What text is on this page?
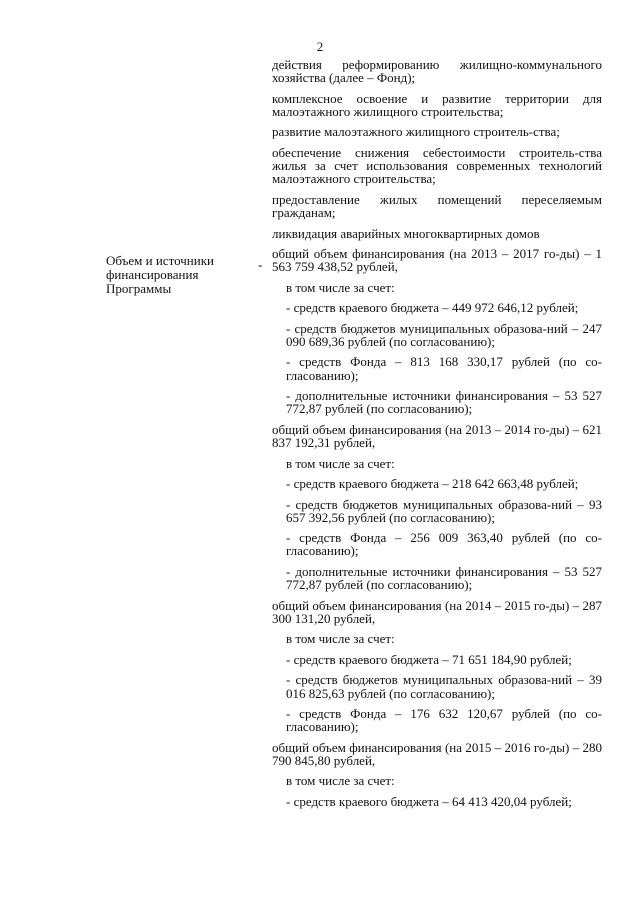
2
Объем и источники финансирования Программы
-
действия реформированию жилищно-коммунального хозяйства (далее – Фонд);
комплексное освоение и развитие территории для малоэтажного жилищного строительства;
развитие малоэтажного жилищного строитель-ства;
обеспечение снижения себестоимости строитель-ства жилья за счет использования современных технологий малоэтажного строительства;
предоставление жилых помещений переселяемым гражданам;
ликвидация аварийных многоквартирных домов
общий объем финансирования (на 2013 – 2017 го-ды) – 1 563 759 438,52 рублей,
в том числе за счет:
- средств краевого бюджета – 449 972 646,12 рублей;
- средств бюджетов муниципальных образова-ний – 247 090 689,36 рублей (по согласованию);
- средств Фонда – 813 168 330,17 рублей (по со-гласованию);
- дополнительные источники финансирования – 53 527 772,87 рублей (по согласованию);
общий объем финансирования (на 2013 – 2014 го-ды) – 621 837 192,31 рублей,
в том числе за счет:
- средств краевого бюджета – 218 642 663,48 рублей;
- средств бюджетов муниципальных образова-ний – 93 657 392,56 рублей (по согласованию);
- средств Фонда – 256 009 363,40 рублей (по со-гласованию);
- дополнительные источники финансирования – 53 527 772,87 рублей (по согласованию);
общий объем финансирования (на 2014 – 2015 го-ды) – 287 300 131,20 рублей,
в том числе за счет:
- средств краевого бюджета – 71 651 184,90 рублей;
- средств бюджетов муниципальных образова-ний – 39 016 825,63 рублей (по согласованию);
- средств Фонда – 176 632 120,67 рублей (по со-гласованию);
общий объем финансирования (на 2015 – 2016 го-ды) – 280 790 845,80 рублей,
в том числе за счет:
- средств краевого бюджета – 64 413 420,04 рублей;
